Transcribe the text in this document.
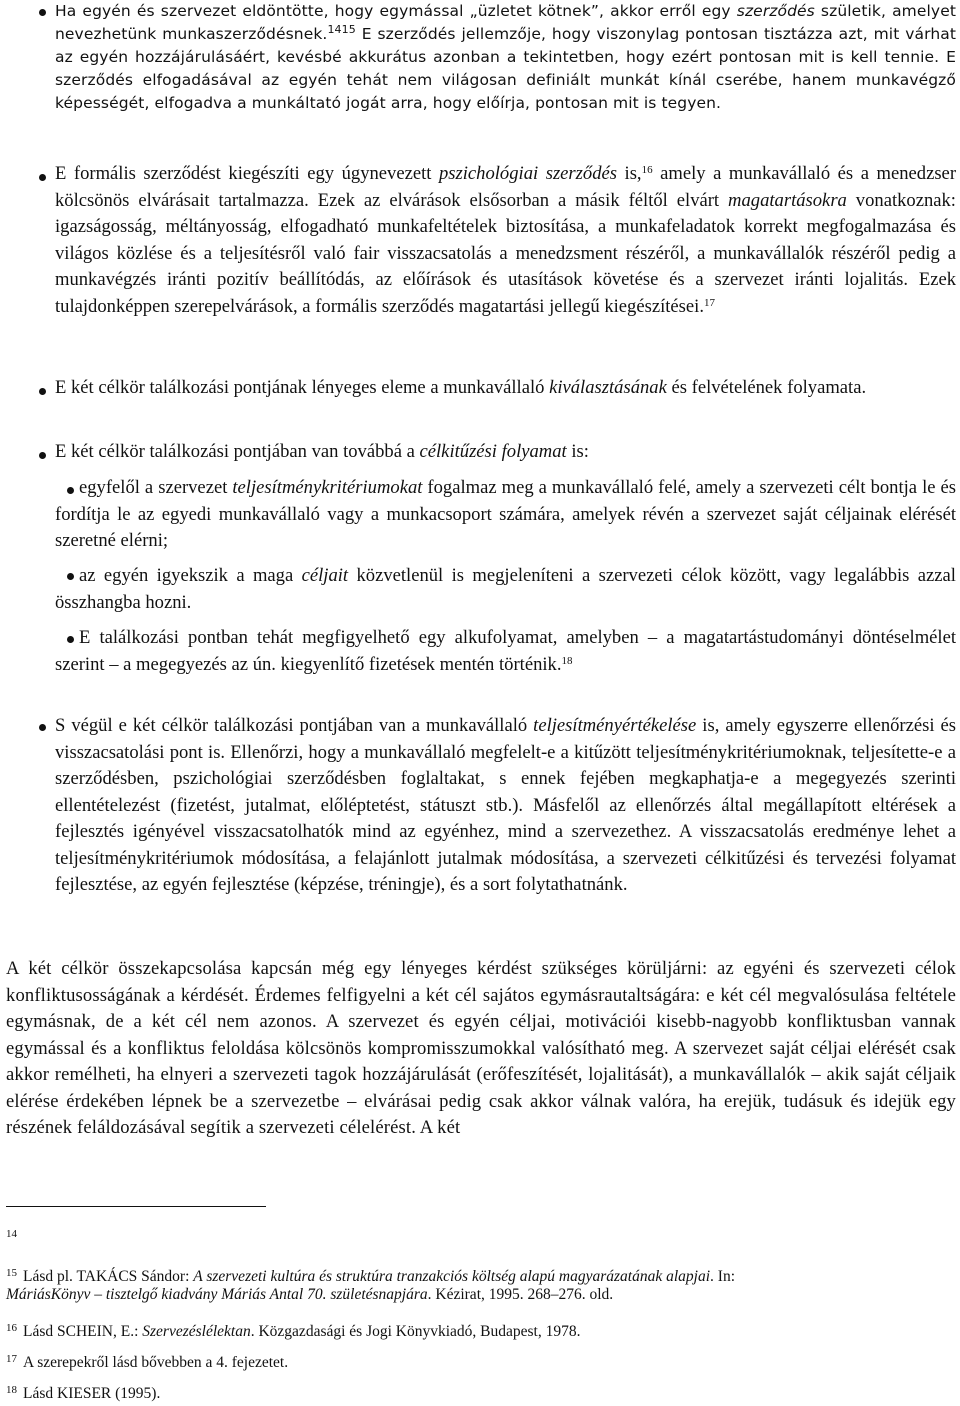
Ha egyén és szervezet eldöntötte, hogy egymással „üzletet kötnek”, akkor erről egy szerződés születik, amelyet nevezhetünk munkaszerződésnek.$^{1415}$ E szerződés jellemzője, hogy viszonylag pontosan tisztázza azt, mit várhat az egyén hozzájárulásáért, kevésbé akkurátus azonban a tekintetben, hogy ezért pontosan mit is kell tennie. E szerződés elfogadásával az egyén tehát nem világosan definiált munkát kínál cserébe, hanem munkavégző képességét, elfogadva a munkáltató jogát arra, hogy előírja, pontosan mit is tegyen.
E formális szerződést kiegészíti egy úgynevezett pszichológiai szerződés is,$^{16}$ amely a munkavállaló és a menedzser kölcsönös elvárásait tartalmazza. Ezek az elvárások elsősorban a másik féltől elvárt magatartásokra vonatkoznak: igazságosság, méltányosság, elfogadható munkafeltételek biztosítása, a munkafeladatok korrekt megfogalmazása és világos közlése és a teljesítésről való fair visszacsatolás a menedzsment részéről, a munkavállalók részéről pedig a munkavégzés iránti pozitív beállítódás, az előírások és utasítások követése és a szervezet iránti lojalitás. Ezek tulajdonképpen szerepelvárások, a formális szerződés magatartási jellegű kiegészítései.$^{17}$
E két célkör találkozási pontjának lényeges eleme a munkavállaló kiválasztásának és felvételének folyamata.
E két célkör találkozási pontjában van továbbá a célkitűzési folyamat is:
egyfelől a szervezet teljesítménykritériumokat fogalmaz meg a munkavállaló felé, amely a szervezeti célt bontja le és fordítja le az egyedi munkavállaló vagy a munkacsoport számára, amelyek révén a szervezet saját céljainak elérését szeretné elérni;
az egyén igyekszik a maga céljait közvetlenül is megjeleníteni a szervezeti célok között, vagy legalábbis azzal összhangba hozni.
E találkozási pontban tehát megfigyelhető egy alkufolyamat, amelyben – a magatartástudományi döntéselmélet szerint – a megegyezés az ún. kiegyenlítő fizetések mentén történik.$^{18}$
S végül e két célkör találkozási pontjában van a munkavállaló teljesítményértékelése is, amely egyszerre ellenőrzési és visszacsatolási pont is. Ellenőrzi, hogy a munkavállaló megfelelt-e a kitűzött teljesítménykritériumoknak, teljesítette-e a szerződésben, pszichológiai szerződésben foglaltakat, s ennek fejében megkaphatja-e a megegyezés szerinti ellentételezést (fizetést, jutalmat, előléptetést, státuszt stb.). Másfelől az ellenőrzés által megállapított eltérések a fejlesztés igényével visszacsatolhatók mind az egyénhez, mind a szervezethez. A visszacsatolás eredménye lehet a teljesítménykritériumok módosítása, a felajánlott jutalmak módosítása, a szervezeti célkitűzési és tervezési folyamat fejlesztése, az egyén fejlesztése (képzése, tréningje), és a sort folytathatnánk.
A két célkör összekapcsolása kapcsán még egy lényeges kérdést szükséges körüljárni: az egyéni és szervezeti célok konfliktusosságának a kérdését. Érdemes felfigyelni a két cél sajátos egymásrautaltságára: e két cél megvalósulása feltétele egymásnak, de a két cél nem azonos. A szervezet és egyén céljai, motivációi kisebb-nagyobb konfliktusban vannak egymással és a konfliktus feloldása kölcsönös kompromisszumokkal valósítható meg. A szervezet saját céljai elérését csak akkor remélheti, ha elnyeri a szervezeti tagok hozzájárulását (erőfeszítését, lojalitását), a munkavállalók – akik saját céljaik elérése érdekében lépnek be a szervezetbe – elvárásai pedig csak akkor válnak valóra, ha erejük, tudásuk és idejük egy részének feláldozásával segítik a szervezeti célelérést. A két
$^{14}$
$^{15}$ Lásd pl. TAKÁCS Sándor: A szervezeti kultúra és struktúra tranzakciós költség alapú magyarázatának alapjai. In:
MáriásKönyv – tisztelgő kiadvány Máriás Antal 70. születésnapjára. Kézirat, 1995. 268–276. old.
$^{16}$ Lásd SCHEIN, E.: Szervezéslélektan. Közgazdasági és Jogi Könyvkiadó, Budapest, 1978.
$^{17}$ A szerepekről lásd bővebben a 4. fejezetet.
$^{18}$ Lásd KIESER (1995).
